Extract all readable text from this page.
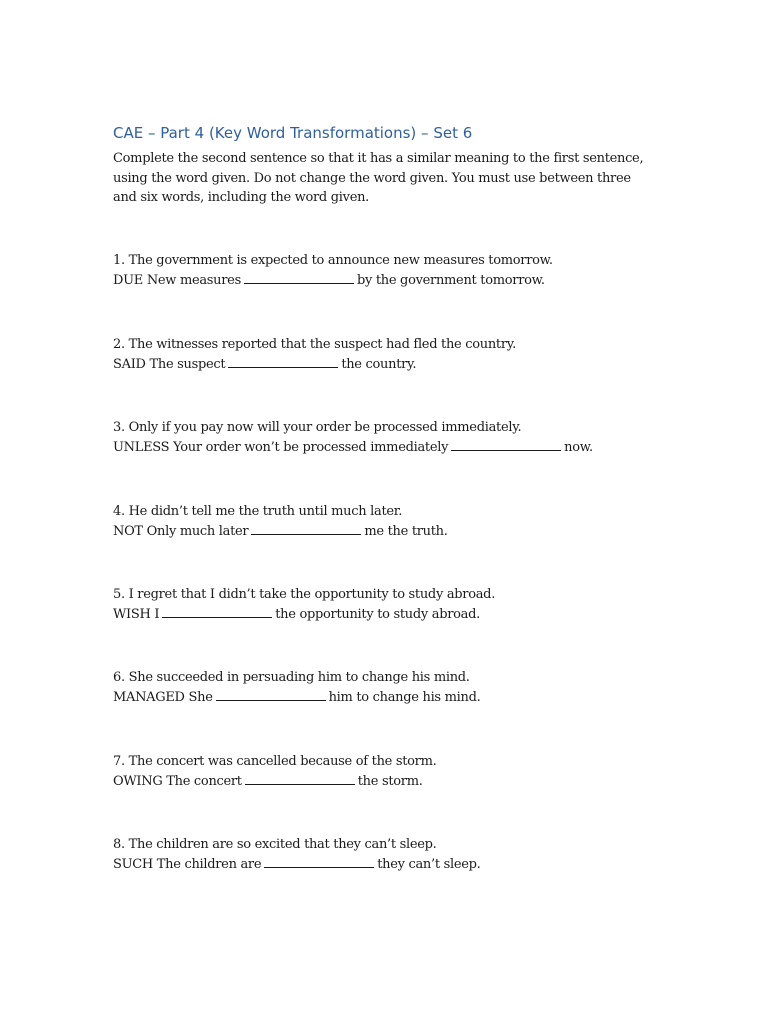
CAE – Part 4 (Key Word Transformations) – Set 6

Complete the second sentence so that it has a similar meaning to the first sentence, using the word given. Do not change the word given. You must use between three and six words, including the word given.

1. The government is expected to announce new measures tomorrow.

DUE New measures	by the government tomorrow.

2. The witnesses reported that the suspect had fled the country.

SAID The suspect	the country.

3. Only if you pay now will your order be processed immediately.

UNLESS Your order won’t be processed immediately	now.

4. He didn’t tell me the truth until much later.

NOT Only much later	me the truth.

5. I regret that I didn’t take the opportunity to study abroad.

WISH I	the opportunity to study abroad.

6. She succeeded in persuading him to change his mind.

MANAGED She	him to change his mind.

7. The concert was cancelled because of the storm.

OWING The concert	the storm.

8. The children are so excited that they can’t sleep.

SUCH The children are	they can’t sleep.
